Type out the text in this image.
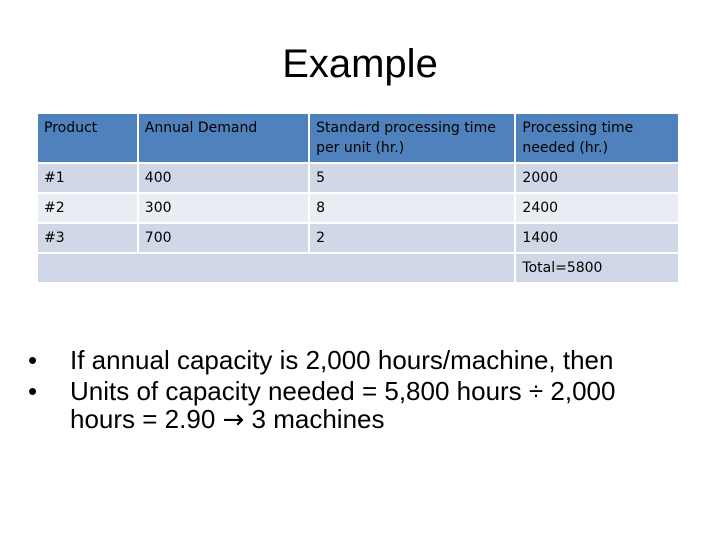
Example
Product	Annual Demand	Standard processing time per unit (hr.)	Processing time needed (hr.)
#1	400	5	2000
#2	300	8	2400
#3	700	2	1400
			Total=5800
• If annual capacity is 2,000 hours/machine, then
• Units of capacity needed = 5,800 hours ÷ 2,000 hours = 2.90 → 3 machines
